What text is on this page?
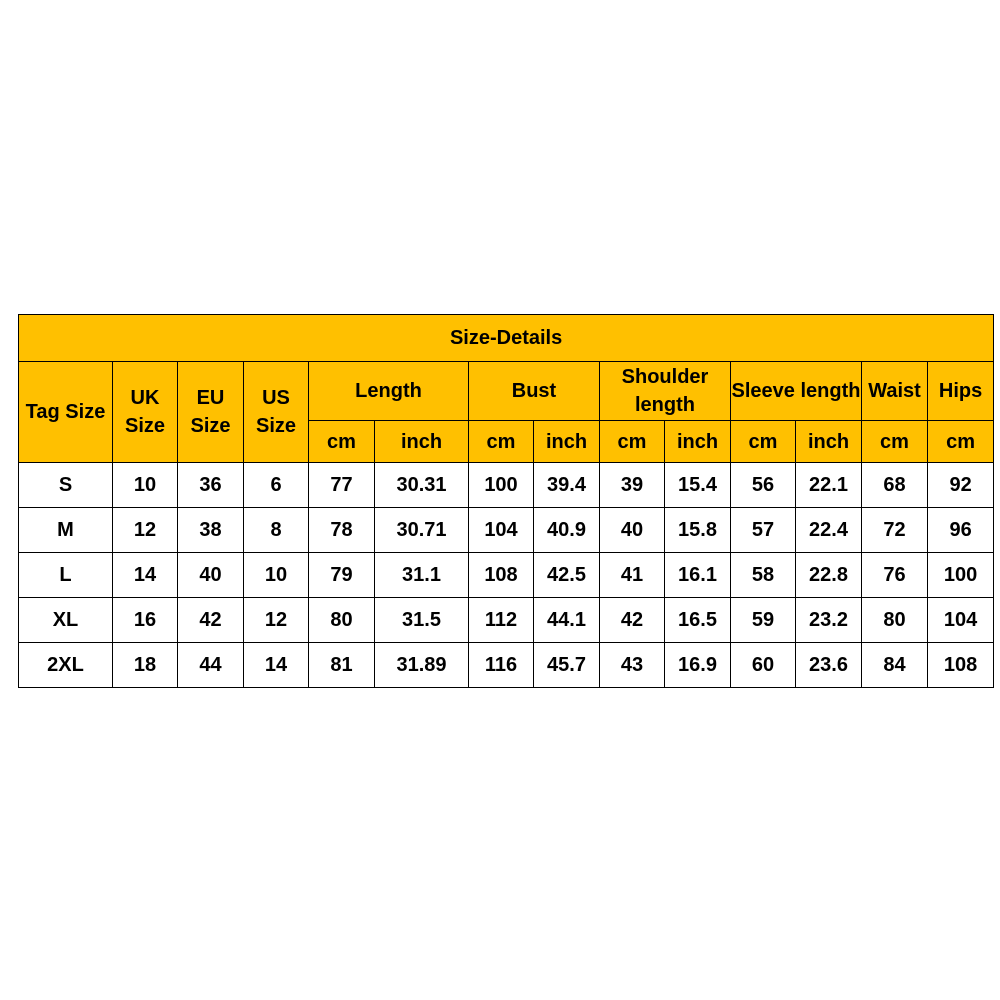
Size-Details													
Tag Size	UK Size	EU Size	US Size	Length		Bust		Shoulder length		Sleeve length		Waist	Hips
				cm	inch	cm	inch	cm	inch	cm	inch	cm	cm
S	10	36	6	77	30.31	100	39.4	39	15.4	56	22.1	68	92
M	12	38	8	78	30.71	104	40.9	40	15.8	57	22.4	72	96
L	14	40	10	79	31.1	108	42.5	41	16.1	58	22.8	76	100
XL	16	42	12	80	31.5	112	44.1	42	16.5	59	23.2	80	104
2XL	18	44	14	81	31.89	116	45.7	43	16.9	60	23.6	84	108
